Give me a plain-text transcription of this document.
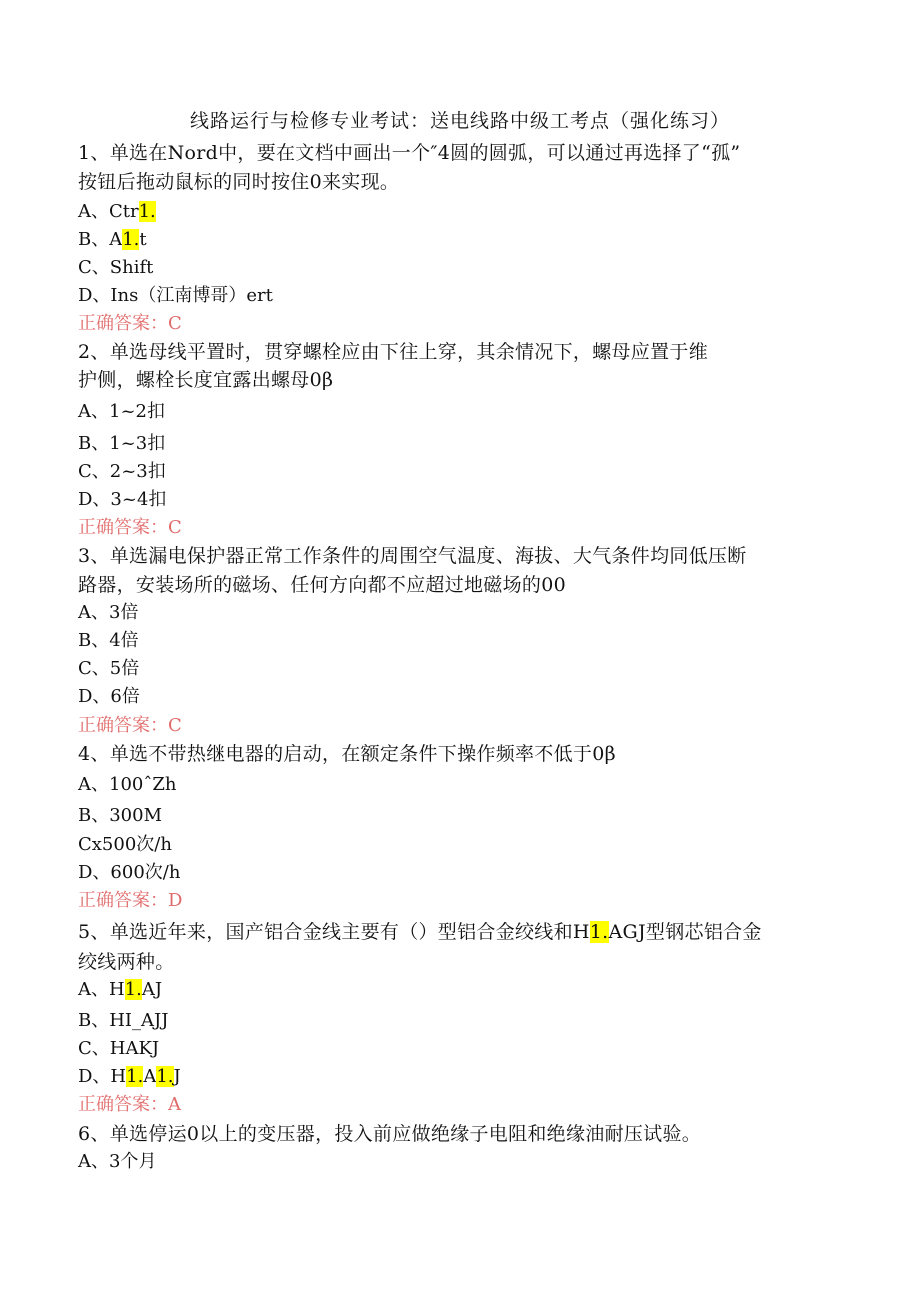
线路运行与检修专业考试：送电线路中级工考点（强化练习）
1、单选在Nord中，要在文档中画出一个″4圆的圆弧，可以通过再选择了“孤”
按钮后拖动鼠标的同时按住0来实现。
A、Ctr1.
B、A1.t
C、Shift
D、Ins（江南博哥）ert
正确答案：C
2、单选母线平置时，贯穿螺栓应由下往上穿，其余情况下，螺母应置于维
护侧，螺栓长度宜露出螺母0β
A、1~2扣
B、1~3扣
C、2~3扣
D、3~4扣
正确答案：C
3、单选漏电保护器正常工作条件的周围空气温度、海拔、大气条件均同低压断
路器，安装场所的磁场、任何方向都不应超过地磁场的00
A、3倍
B、4倍
C、5倍
D、6倍
正确答案：C
4、单选不带热继电器的启动，在额定条件下操作频率不低于0β
A、100ˆZh
B、300M
Cx500次/h
D、600次/h
正确答案：D
5、单选近年来，国产铝合金线主要有（）型铝合金绞线和H1.AGJ型钢芯铝合金
绞线两种。
A、H1.AJ
B、HI_AJJ
C、HAKJ
D、H1.A1.J
正确答案：A
6、单选停运0以上的变压器，投入前应做绝缘子电阻和绝缘油耐压试验。
A、3个月
